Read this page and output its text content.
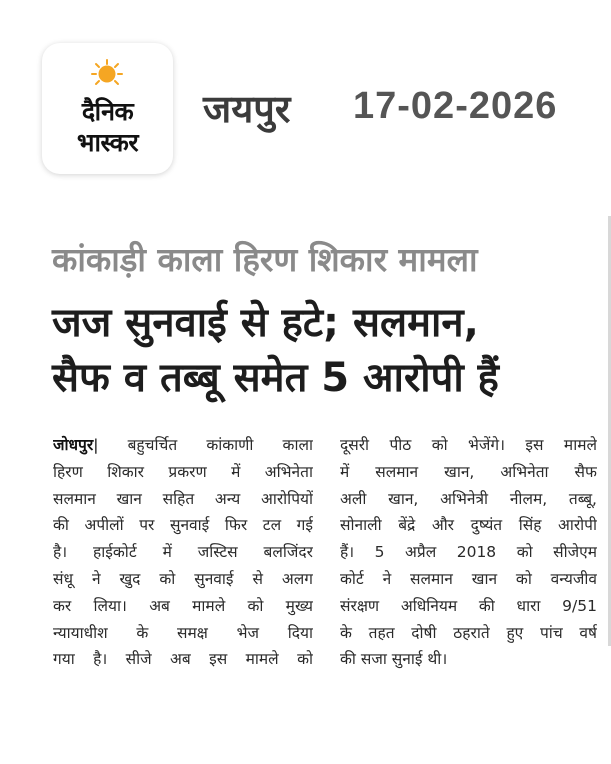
दैनिक
भास्कर
जयपुर 17-02-2026
कांकाड़ी काला हिरण शिकार मामला
जज सुनवाई से हटे; सलमान,
सैफ व तब्बू समेत 5 आरोपी हैं
जोधपुर| बहुचर्चित कांकाणी काला
हिरण शिकार प्रकरण में अभिनेता
सलमान खान सहित अन्य आरोपियों
की अपीलों पर सुनवाई फिर टल गई
है। हाईकोर्ट में जस्टिस बलजिंदर
संधू ने खुद को सुनवाई से अलग
कर लिया। अब मामले को मुख्य
न्यायाधीश के समक्ष भेज दिया
गया है। सीजे अब इस मामले को
दूसरी पीठ को भेजेंगे। इस मामले
में सलमान खान, अभिनेता सैफ
अली खान, अभिनेत्री नीलम, तब्बू,
सोनाली बेंद्रे और दुष्यंत सिंह आरोपी
हैं। 5 अप्रैल 2018 को सीजेएम
कोर्ट ने सलमान खान को वन्यजीव
संरक्षण अधिनियम की धारा 9/51
के तहत दोषी ठहराते हुए पांच वर्ष
की सजा सुनाई थी।
